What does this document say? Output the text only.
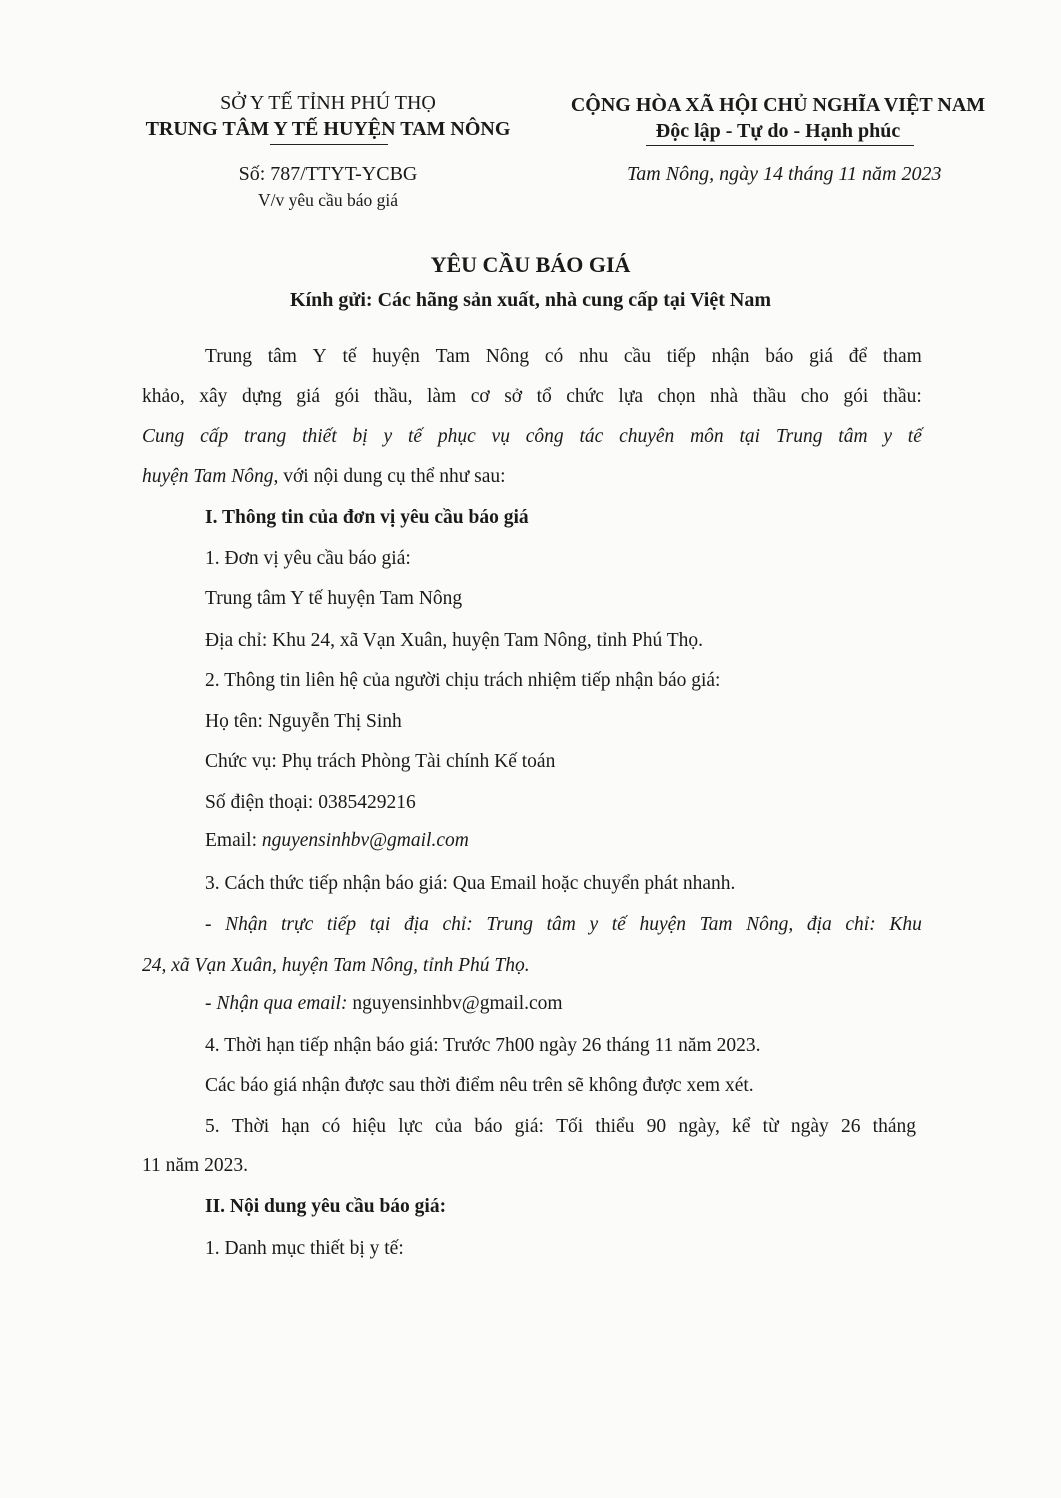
SỞ Y TẾ TỈNH PHÚ THỌ
TRUNG TÂM Y TẾ HUYỆN TAM NÔNG
CỘNG HÒA XÃ HỘI CHỦ NGHĨA VIỆT NAM
Độc lập - Tự do - Hạnh phúc
Số: 787/TTYT-YCBG
V/v yêu cầu báo giá
Tam Nông, ngày 14 tháng 11 năm 2023
YÊU CẦU BÁO GIÁ
Kính gửi: Các hãng sản xuất, nhà cung cấp tại Việt Nam
Trung tâm Y tế huyện Tam Nông có nhu cầu tiếp nhận báo giá để tham
khảo, xây dựng giá gói thầu, làm cơ sở tổ chức lựa chọn nhà thầu cho gói thầu:
Cung cấp trang thiết bị y tế phục vụ công tác chuyên môn tại Trung tâm y tế
huyện Tam Nông, với nội dung cụ thể như sau:
I. Thông tin của đơn vị yêu cầu báo giá
1. Đơn vị yêu cầu báo giá:
Trung tâm Y tế huyện Tam Nông
Địa chỉ: Khu 24, xã Vạn Xuân, huyện Tam Nông, tỉnh Phú Thọ.
2. Thông tin liên hệ của người chịu trách nhiệm tiếp nhận báo giá:
Họ tên: Nguyễn Thị Sinh
Chức vụ: Phụ trách Phòng Tài chính Kế toán
Số điện thoại: 0385429216
Email: nguyensinhbv@gmail.com
3. Cách thức tiếp nhận báo giá: Qua Email hoặc chuyển phát nhanh.
- Nhận trực tiếp tại địa chỉ: Trung tâm y tế huyện Tam Nông, địa chỉ: Khu
24, xã Vạn Xuân, huyện Tam Nông, tỉnh Phú Thọ.
- Nhận qua email: nguyensinhbv@gmail.com
4. Thời hạn tiếp nhận báo giá: Trước 7h00 ngày 26 tháng 11 năm 2023.
Các báo giá nhận được sau thời điểm nêu trên sẽ không được xem xét.
5. Thời hạn có hiệu lực của báo giá: Tối thiểu 90 ngày, kể từ ngày 26 tháng
11 năm 2023.
II. Nội dung yêu cầu báo giá:
1. Danh mục thiết bị y tế:
